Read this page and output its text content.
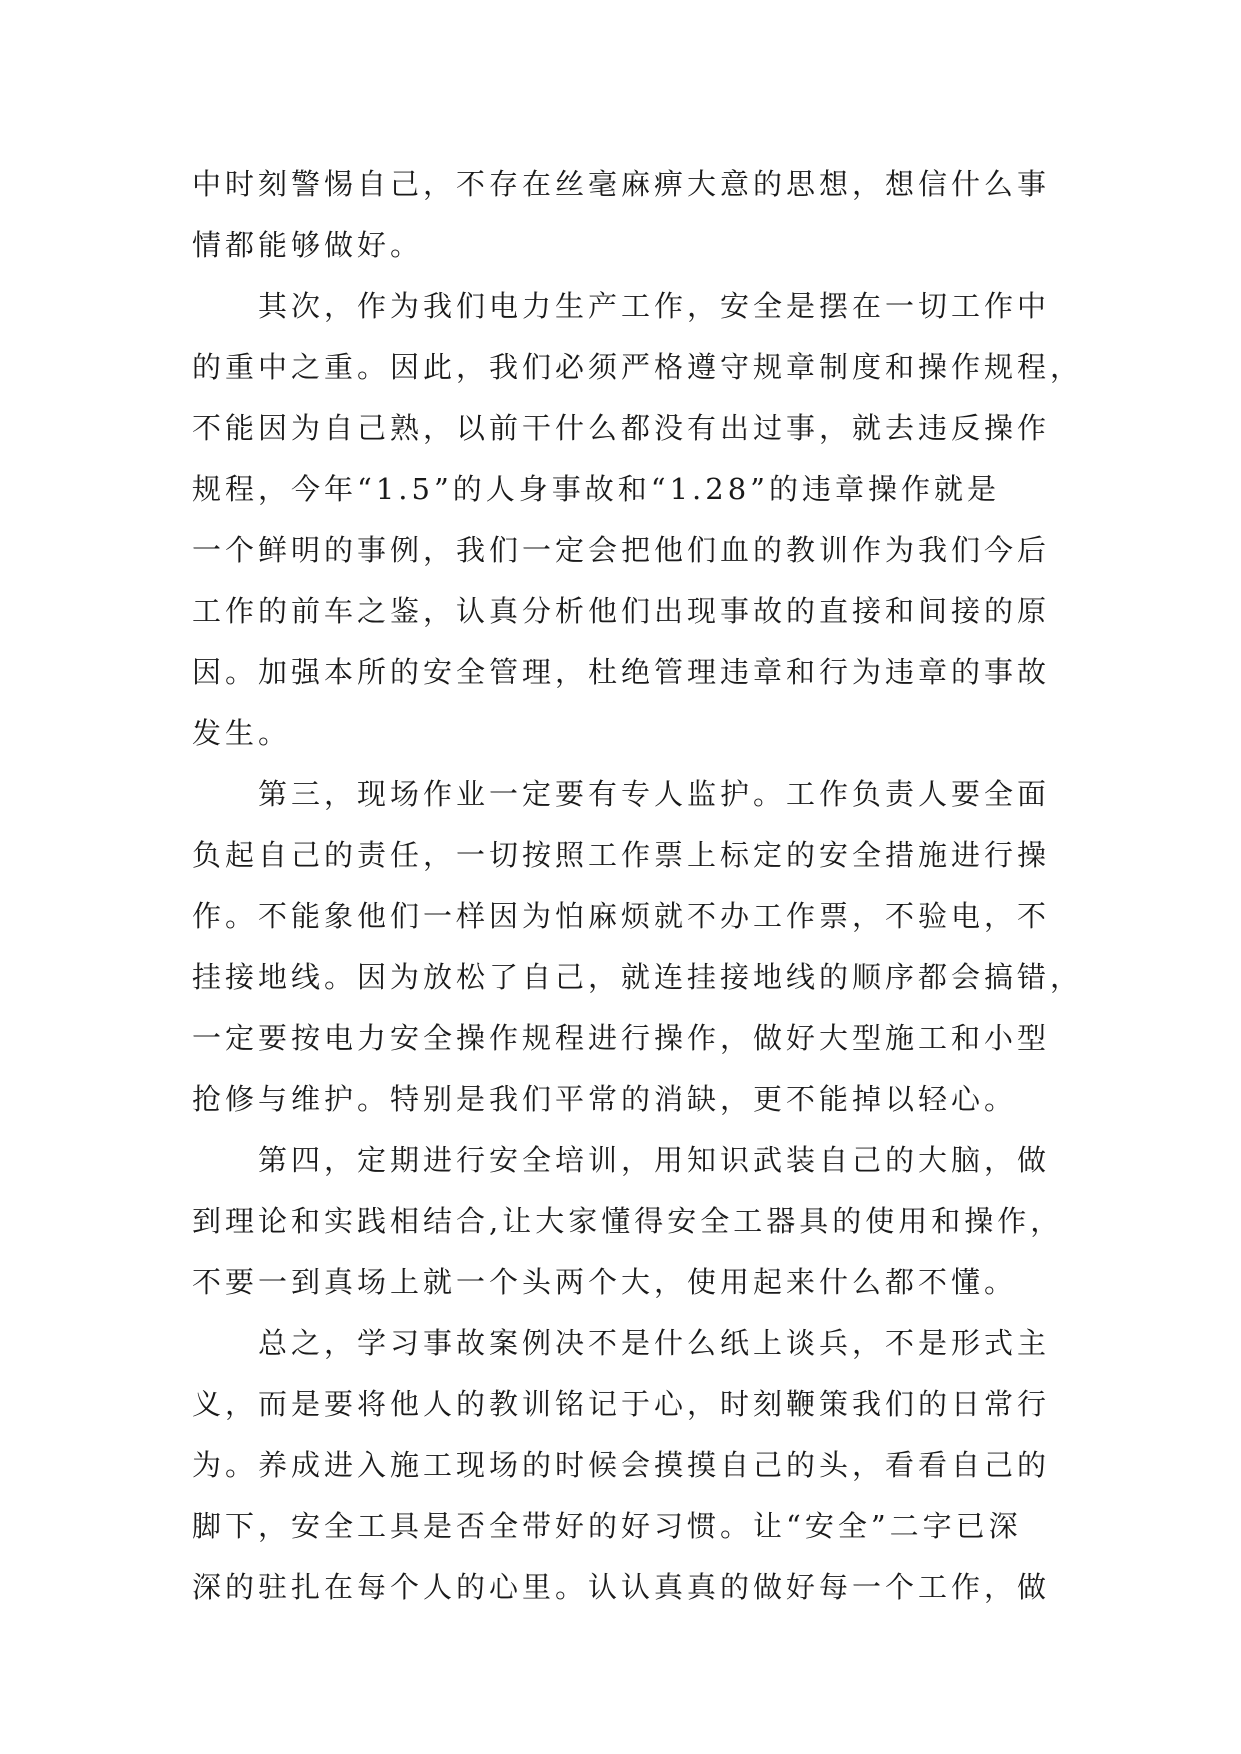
中时刻警惕自己，不存在丝毫麻痹大意的思想，想信什么事
情都能够做好。
其次，作为我们电力生产工作，安全是摆在一切工作中
的重中之重。因此，我们必须严格遵守规章制度和操作规程，
不能因为自己熟，以前干什么都没有出过事，就去违反操作
规程，今年“1.5”的人身事故和“1.28”的违章操作就是
一个鲜明的事例，我们一定会把他们血的教训作为我们今后
工作的前车之鉴，认真分析他们出现事故的直接和间接的原
因。加强本所的安全管理，杜绝管理违章和行为违章的事故
发生。
第三，现场作业一定要有专人监护。工作负责人要全面
负起自己的责任，一切按照工作票上标定的安全措施进行操
作。不能象他们一样因为怕麻烦就不办工作票，不验电，不
挂接地线。因为放松了自己，就连挂接地线的顺序都会搞错，
一定要按电力安全操作规程进行操作，做好大型施工和小型
抢修与维护。特别是我们平常的消缺，更不能掉以轻心。
第四，定期进行安全培训，用知识武装自己的大脑，做
到理论和实践相结合,让大家懂得安全工器具的使用和操作，
不要一到真场上就一个头两个大，使用起来什么都不懂。
总之，学习事故案例决不是什么纸上谈兵，不是形式主
义，而是要将他人的教训铭记于心，时刻鞭策我们的日常行
为。养成进入施工现场的时候会摸摸自己的头，看看自己的
脚下，安全工具是否全带好的好习惯。让“安全”二字已深
深的驻扎在每个人的心里。认认真真的做好每一个工作，做
